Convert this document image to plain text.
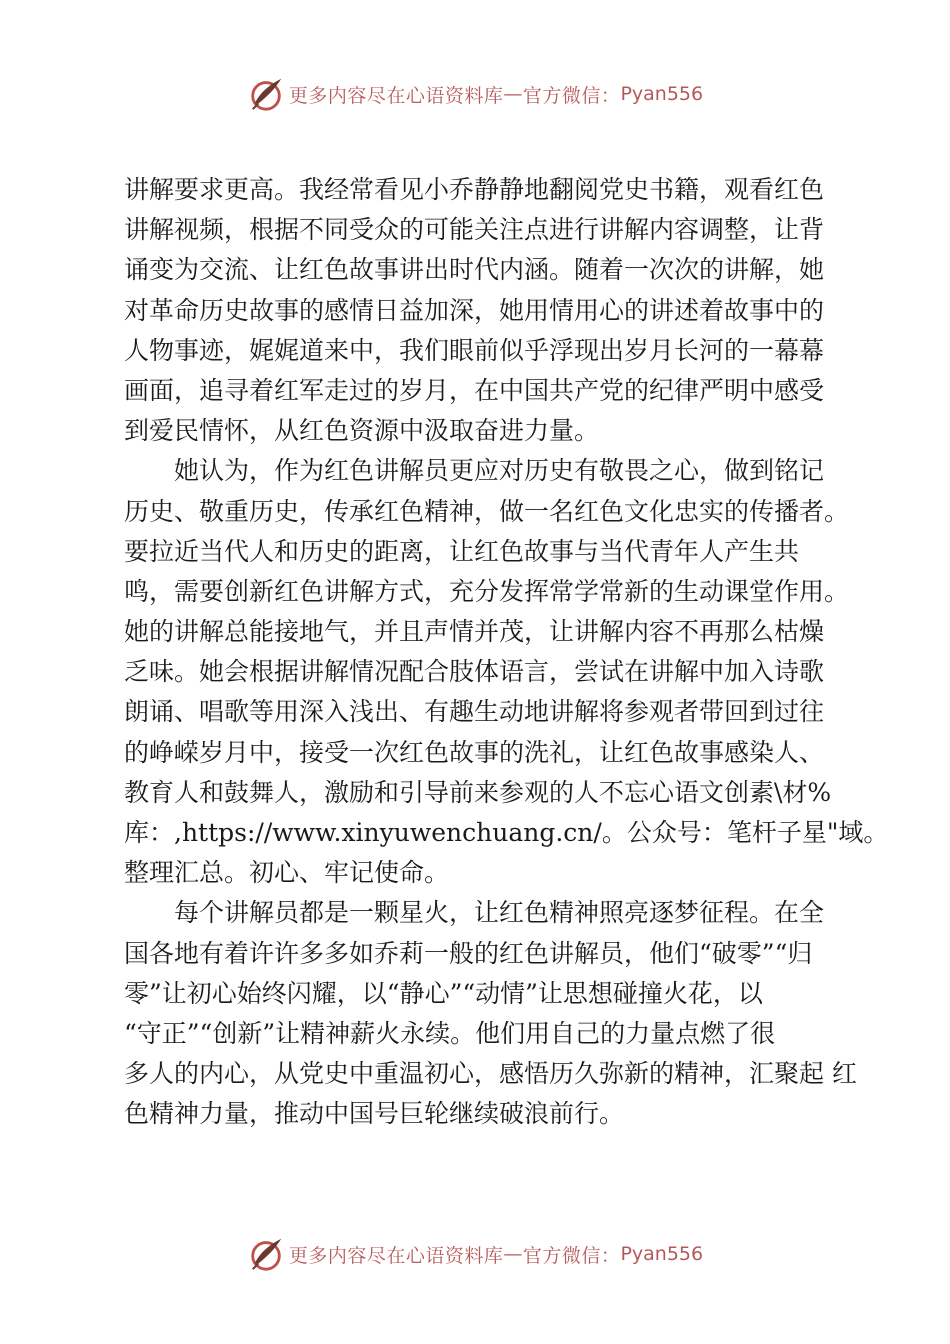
更多内容尽在心语资料库 — 官方微信： Pyan556
讲解要求更高。我经常看见小乔静静地翻阅党史书籍，观看红色
讲解视频，根据不同受众的可能关注点进行讲解内容调整，让背
诵变为交流、让红色故事讲出时代内涵。随着一次次的讲解，她
对革命历史故事的感情日益加深，她用情用心的讲述着故事中的
人物事迹，娓娓道来中，我们眼前似乎浮现出岁月长河的一幕幕
画面，追寻着红军走过的岁月，在中国共产党的纪律严明中感受
到爱民情怀，从红色资源中汲取奋进力量。
她认为，作为红色讲解员更应对历史有敬畏之心，做到铭记
历史、敬重历史，传承红色精神，做一名红色文化忠实的传播者。
要拉近当代人和历史的距离，让红色故事与当代青年人产生共
鸣，需要创新红色讲解方式，充分发挥常学常新的生动课堂作用。
她的讲解总能接地气，并且声情并茂，让讲解内容不再那么枯燥
乏味。她会根据讲解情况配合肢体语言，尝试在讲解中加入诗歌
朗诵、唱歌等用深入浅出、有趣生动地讲解将参观者带回到过往
的峥嵘岁月中，接受一次红色故事的洗礼，让红色故事感染人、
教育人和鼓舞人，激励和引导前来参观的人不忘心语文创素\材%
库：,https://www.xinyuwenchuang.cn/。公众号：笔杆子星"域。
整理汇总。初心、牢记使命。
每个讲解员都是一颗星火，让红色精神照亮逐梦征程。在全
国各地有着许许多多如乔莉一般的红色讲解员，他们“破零”“归
零”让初心始终闪耀，以“静心”“动情”让思想碰撞火花，以
“守正”“创新”让精神薪火永续。他们用自己的力量点燃了很
多人的内心，从党史中重温初心，感悟历久弥新的精神，汇聚起 红
色精神力量，推动中国号巨轮继续破浪前行。
更多内容尽在心语资料库 — 官方微信： Pyan556
